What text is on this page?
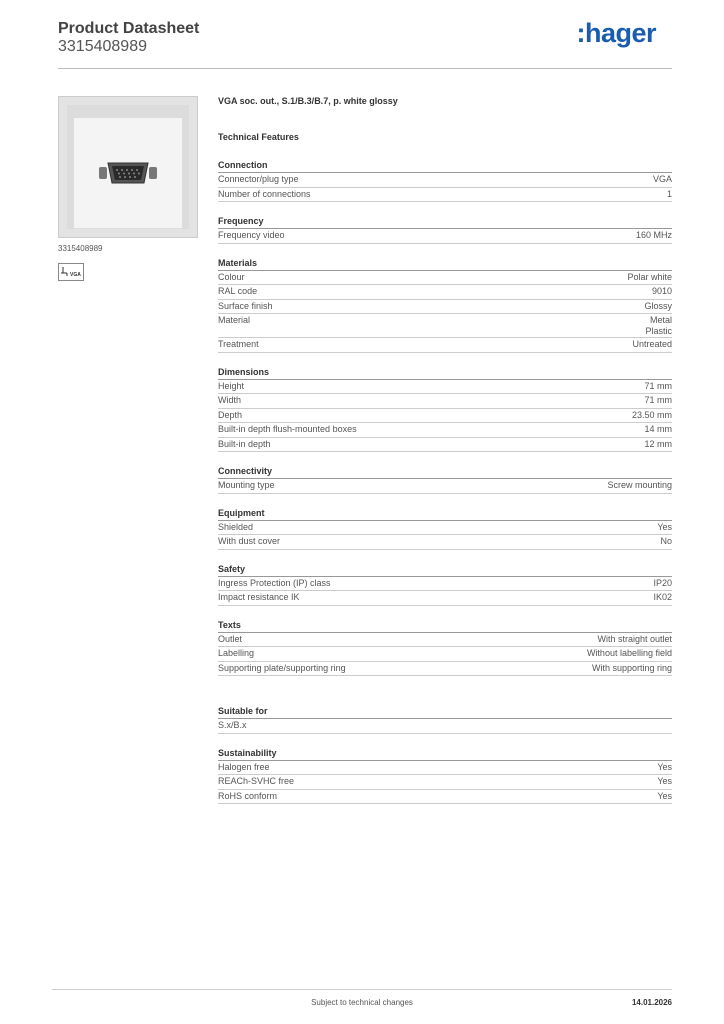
Product Datasheet
3315408989	:hager
3315408989
VGA
VGA soc. out., S.1/B.3/B.7, p. white glossy
Technical Features
Connection
Connector/plug type	VGA
Number of connections	1
Frequency
Frequency video	160 MHz
Materials
Colour	Polar white
RAL code	9010
Surface finish	Glossy
Material	Metal
Plastic
Treatment	Untreated
Dimensions
Height	71 mm
Width	71 mm
Depth	23.50 mm
Built-in depth flush-mounted boxes	14 mm
Built-in depth	12 mm
Connectivity
Mounting type	Screw mounting
Equipment
Shielded	Yes
With dust cover	No
Safety
Ingress Protection (IP) class	IP20
Impact resistance IK	IK02
Texts
Outlet	With straight outlet
Labelling	Without labelling field
Supporting plate/supporting ring	With supporting ring
Suitable for
S.x/B.x
Sustainability
Halogen free	Yes
REACh-SVHC free	Yes
RoHS conform	Yes
Subject to technical changes	14.01.2026
